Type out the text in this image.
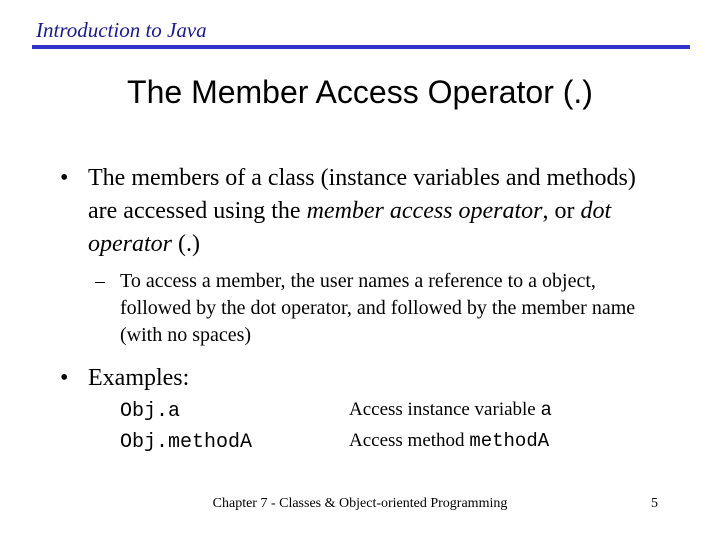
Introduction to Java
The Member Access Operator (.)
• The members of a class (instance variables and methods) are accessed using the member access operator, or dot operator (.)
– To access a member, the user names a reference to a object, followed by the dot operator, and followed by the member name (with no spaces)
• Examples:
Obj.a	Access instance variable a
Obj.methodA	Access method methodA
Chapter 7 - Classes & Object-oriented Programming	5
